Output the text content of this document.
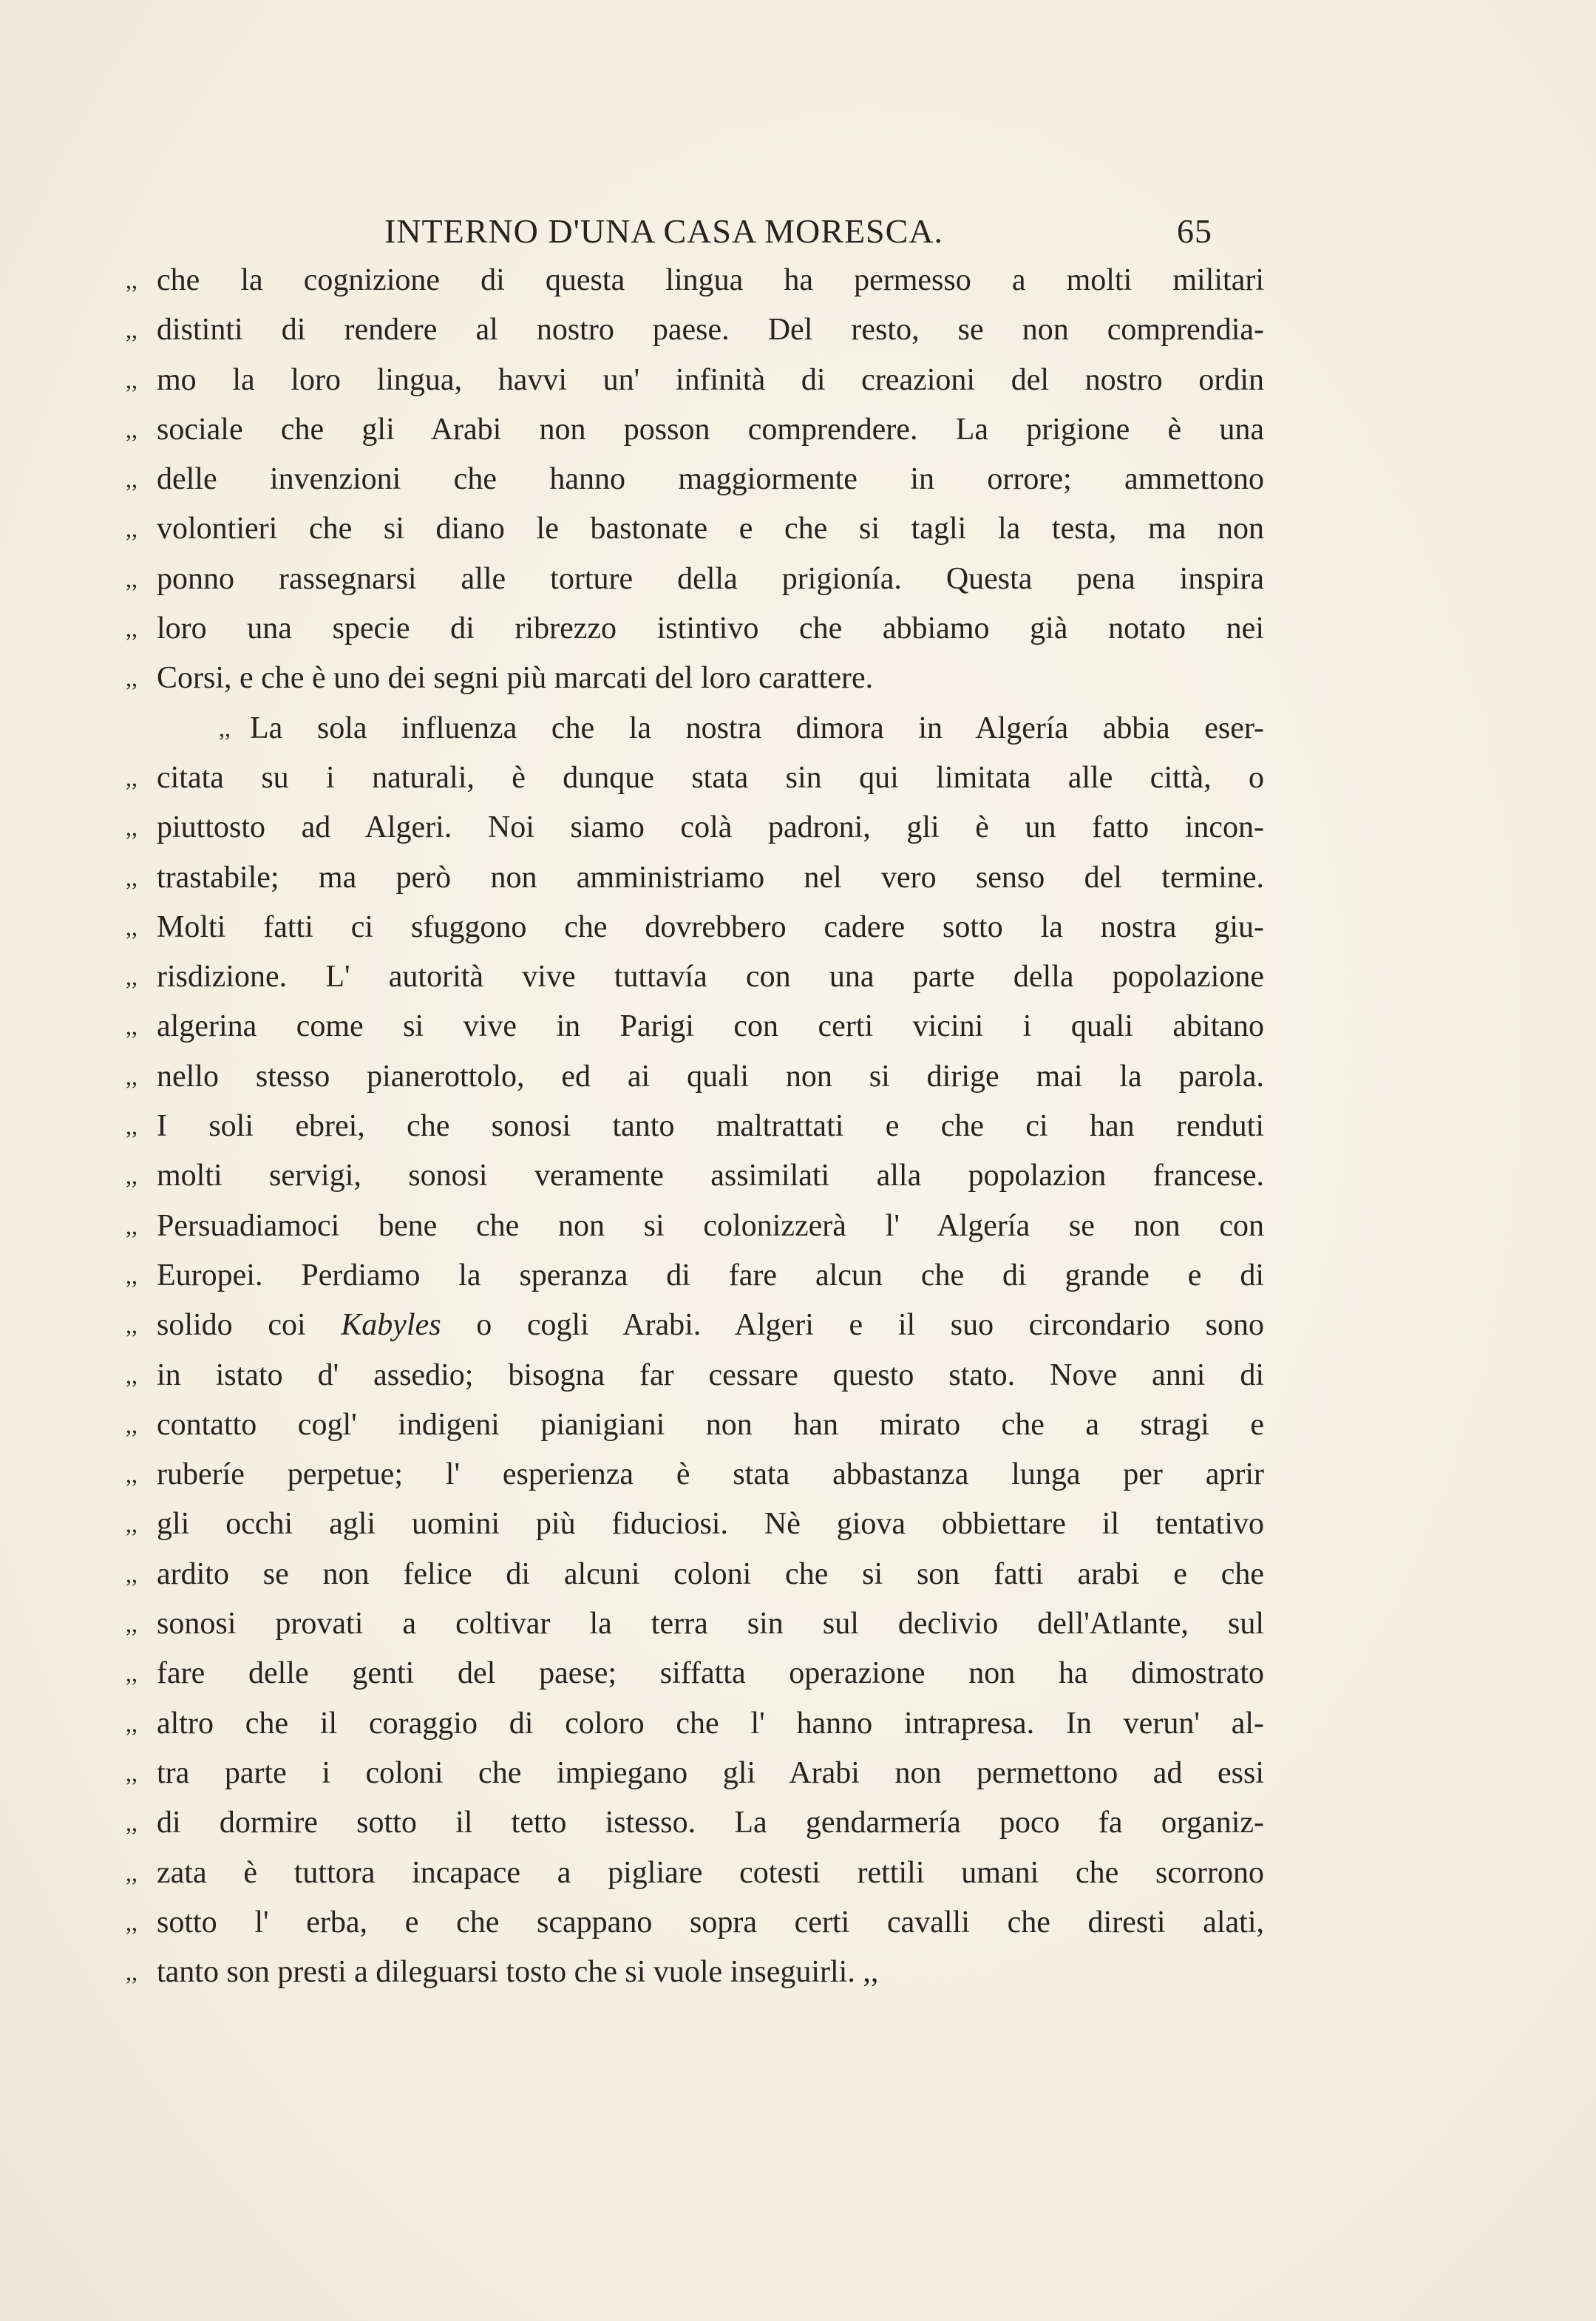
INTERNO D'UNA CASA MORESCA.	65
,, che la cognizione di questa lingua ha permesso a molti militari
,, distinti di rendere al nostro paese. Del resto, se non comprendia-
,, mo la loro lingua, havvi un' infinità di creazioni del nostro ordin
,, sociale che gli Arabi non posson comprendere. La prigione è una
,, delle invenzioni che hanno maggiormente in orrore; ammettono
,, volontieri che si diano le bastonate e che si tagli la testa, ma non
,, ponno rassegnarsi alle torture della prigionía. Questa pena inspira
,, loro una specie di ribrezzo istintivo che abbiamo già notato nei
,, Corsi, e che è uno dei segni più marcati del loro carattere.
,, La sola influenza che la nostra dimora in Algería abbia eser-
,, citata su i naturali, è dunque stata sin qui limitata alle città, o
,, piuttosto ad Algeri. Noi siamo colà padroni, gli è un fatto incon-
,, trastabile; ma però non amministriamo nel vero senso del termine.
,, Molti fatti ci sfuggono che dovrebbero cadere sotto la nostra giu-
,, risdizione. L' autorità vive tuttavía con una parte della popolazione
,, algerina come si vive in Parigi con certi vicini i quali abitano
,, nello stesso pianerottolo, ed ai quali non si dirige mai la parola.
,, I soli ebrei, che sonosi tanto maltrattati e che ci han renduti
,, molti servigi, sonosi veramente assimilati alla popolazion francese.
,, Persuadiamoci bene che non si colonizzerà l' Algería se non con
,, Europei. Perdiamo la speranza di fare alcun che di grande e di
,, solido coi Kabyles o cogli Arabi. Algeri e il suo circondario sono
,, in istato d' assedio; bisogna far cessare questo stato. Nove anni di
,, contatto cogl' indigeni pianigiani non han mirato che a stragi e
,, ruberíe perpetue; l' esperienza è stata abbastanza lunga per aprir
,, gli occhi agli uomini più fiduciosi. Nè giova obbiettare il tentativo
,, ardito se non felice di alcuni coloni che si son fatti arabi e che
,, sonosi provati a coltivar la terra sin sul declivio dell'Atlante, sul
,, fare delle genti del paese; siffatta operazione non ha dimostrato
,, altro che il coraggio di coloro che l' hanno intrapresa. In verun' al-
,, tra parte i coloni che impiegano gli Arabi non permettono ad essi
,, di dormire sotto il tetto istesso. La gendarmería poco fa organiz-
,, zata è tuttora incapace a pigliare cotesti rettili umani che scorrono
,, sotto l' erba, e che scappano sopra certi cavalli che diresti alati,
,, tanto son presti a dileguarsi tosto che si vuole inseguirli. ,,
